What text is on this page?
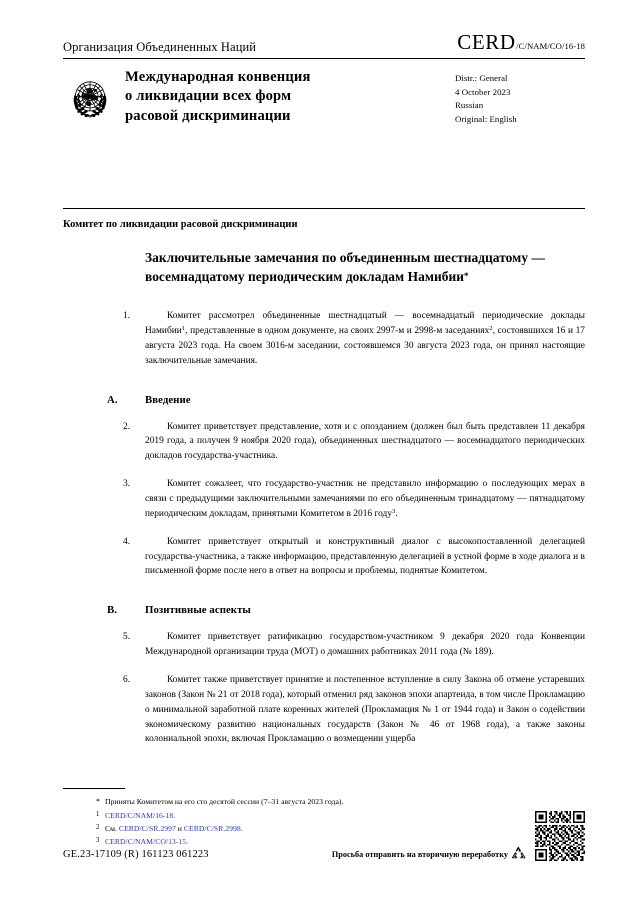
Организация Объединенных Наций	CERD /C/NAM/CO/16-18
Международная конвенция
о ликвидации всех форм
расовой дискриминации
Distr.: General
4 October 2023
Russian
Original: English
Комитет по ликвидации расовой дискриминации
Заключительные замечания по объединенным шестнадцатому — восемнадцатому периодическим докладам Намибии*
1.	Комитет рассмотрел объединенные шестнадцатый — восемнадцатый периодические доклады Намибии$^1$, представленные в одном документе, на своих 2997-м и 2998-м заседаниях$^2$, состоявшихся 16 и 17 августа 2023 года. На своем 3016-м заседании, состоявшемся 30 августа 2023 года, он принял настоящие заключительные замечания.
A.	Введение
2.	Комитет приветствует представление, хотя и с опозданием (должен был быть представлен 11 декабря 2019 года, а получен 9 ноября 2020 года), объединенных шестнадцатого — восемнадцатого периодических докладов государства-участника.
3.	Комитет сожалеет, что государство-участник не представило информацию о последующих мерах в связи с предыдущими заключительными замечаниями по его объединенным тринадцатому — пятнадцатому периодическим докладам, принятыми Комитетом в 2016 году$^3$.
4.	Комитет приветствует открытый и конструктивный диалог с высокопоставленной делегацией государства-участника, а также информацию, представленную делегацией в устной форме в ходе диалога и в письменной форме после него в ответ на вопросы и проблемы, поднятые Комитетом.
B.	Позитивные аспекты
5.	Комитет приветствует ратификацию государством-участником 9 декабря 2020 года Конвенции Международной организации труда (МОТ) о домашних работниках 2011 года (№ 189).
6.	Комитет также приветствует принятие и постепенное вступление в силу Закона об отмене устаревших законов (Закон № 21 от 2018 года), который отменил ряд законов эпохи апартеида, в том числе Прокламацию о минимальной заработной плате коренных жителей (Прокламация № 1 от 1944 года) и Закон о содействии экономическому развитию национальных государств (Закон № 46 от 1968 года), а также законы колониальной эпохи, включая Прокламацию о возмещении ущерба
* Приняты Комитетом на его сто десятой сессии (7–31 августа 2023 года).
1 CERD/C/NAM/16-18.
2 См. CERD/C/SR.2997 и CERD/C/SR.2998.
3 CERD/C/NAM/CO/13-15.
GE.23-17109 (R) 161123 061223	Просьба отправить на вторичную переработку
